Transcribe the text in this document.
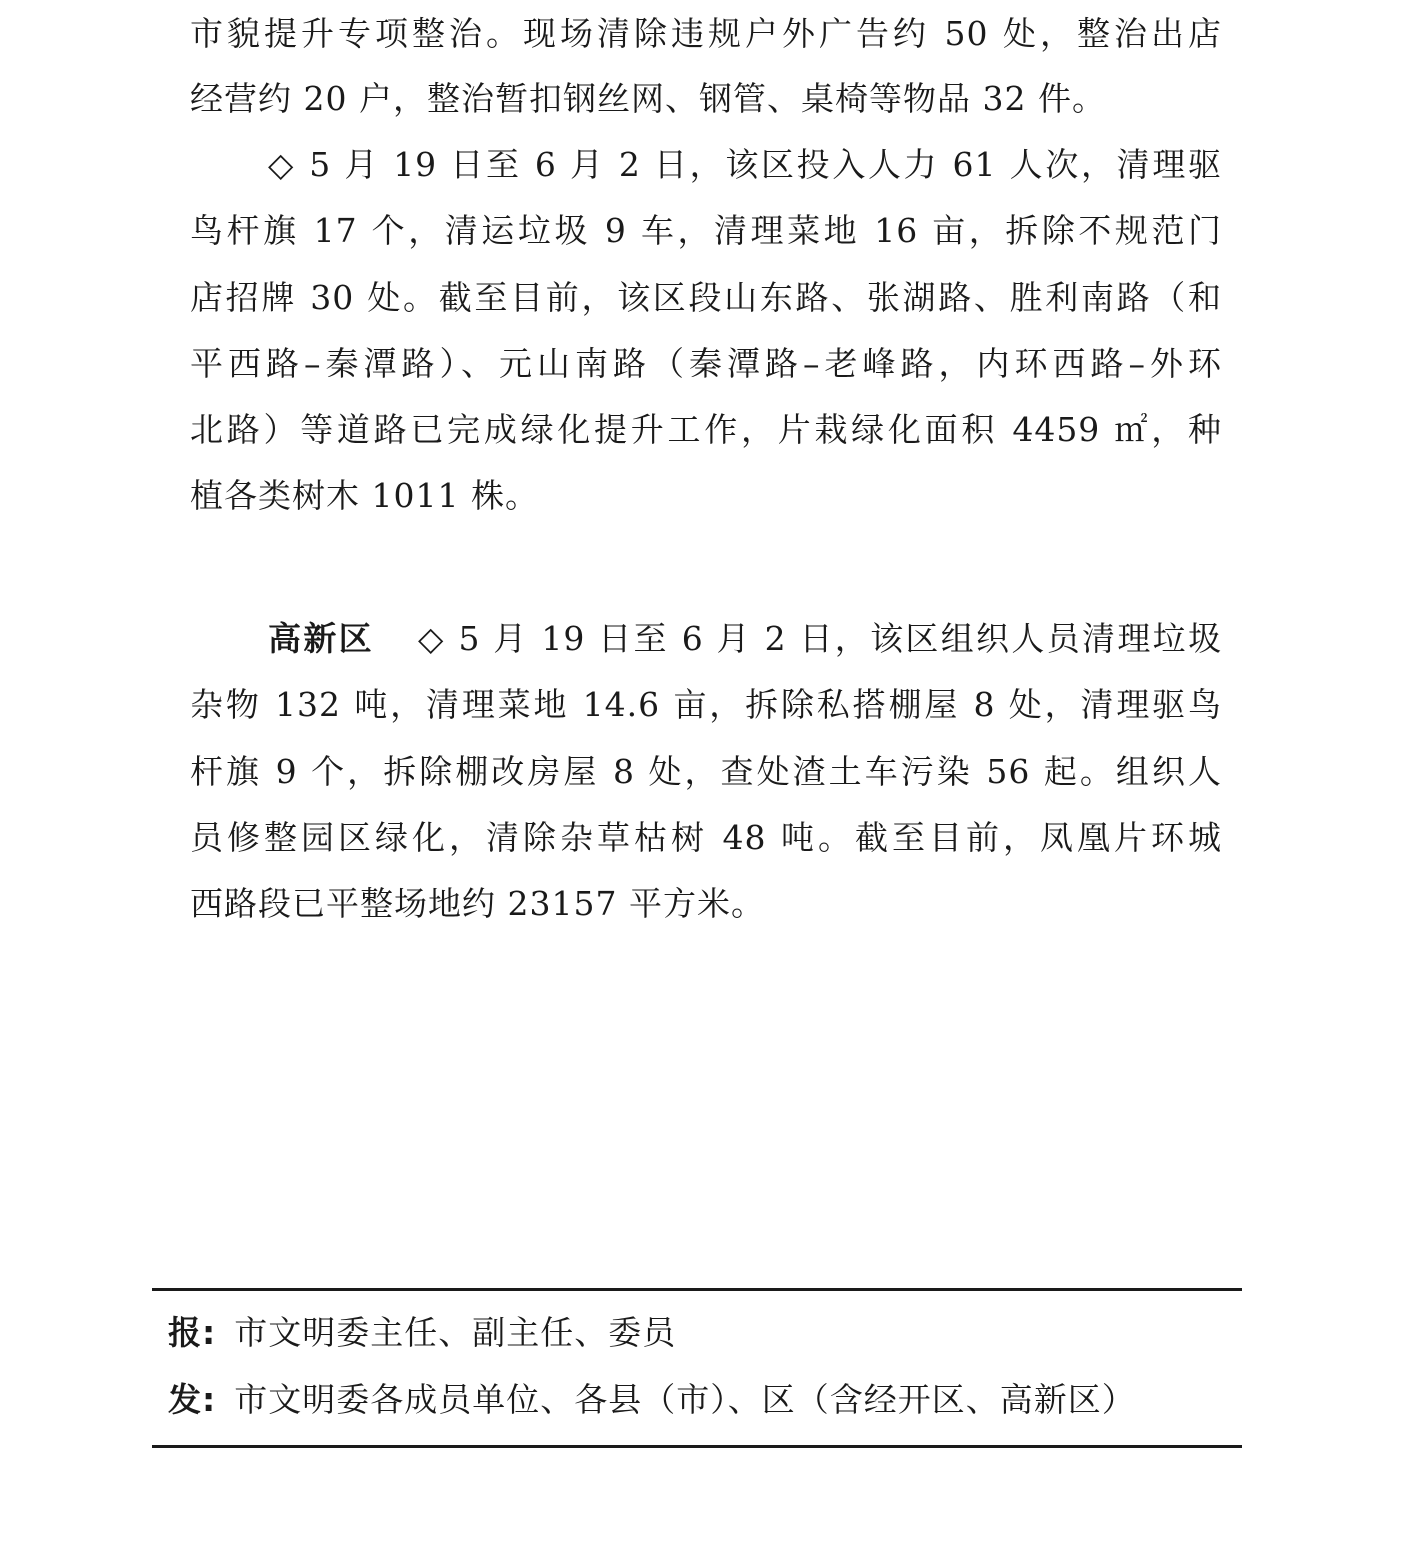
市貌提升专项整治。现场清除违规户外广告约 50 处，整治出店
经营约 20 户，整治暂扣钢丝网、钢管、桌椅等物品 32 件。
◇ 5 月 19 日至 6 月 2 日，该区投入人力 61 人次，清理驱
鸟杆旗 17 个，清运垃圾 9 车，清理菜地 16 亩，拆除不规范门
店招牌 30 处。截至目前，该区段山东路、张湖路、胜利南路（和
平西路–秦潭路）、元山南路（秦潭路–老峰路，内环西路–外环
北路）等道路已完成绿化提升工作，片栽绿化面积 4459 ㎡，种
植各类树木 1011 株。
高新区 ◇ 5 月 19 日至 6 月 2 日，该区组织人员清理垃圾
杂物 132 吨，清理菜地 14.6 亩，拆除私搭棚屋 8 处，清理驱鸟
杆旗 9 个，拆除棚改房屋 8 处，查处渣土车污染 56 起。组织人
员修整园区绿化，清除杂草枯树 48 吨。截至目前，凤凰片环城
西路段已平整场地约 23157 平方米。
报: 市文明委主任、副主任、委员
发: 市文明委各成员单位、各县（市）、区（含经开区、高新区）
